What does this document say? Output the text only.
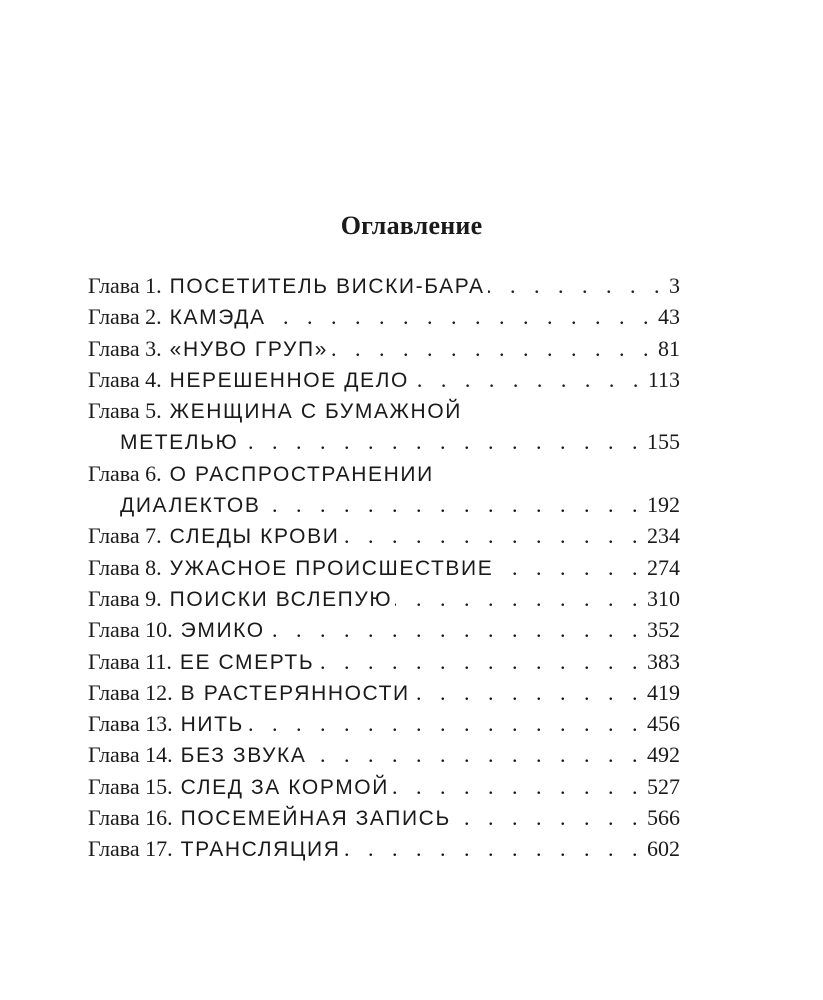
Оглавление
Глава 1. ПОСЕТИТЕЛЬ ВИСКИ-БАРА . . .	3
Глава 2. КАМЭДА . . .	43
Глава 3. «НУВО ГРУП» . . .	81
Глава 4. НЕРЕШЕННОЕ ДЕЛО . . .	113
Глава 5. ЖЕНЩИНА С БУМАЖНОЙ
МЕТЕЛЬЮ . . .	155
Глава 6. О РАСПРОСТРАНЕНИИ
ДИАЛЕКТОВ . . .	192
Глава 7. СЛЕДЫ КРОВИ . . .	234
Глава 8. УЖАСНОЕ ПРОИСШЕСТВИЕ . . .	274
Глава 9. ПОИСКИ ВСЛЕПУЮ . . .	310
Глава 10. ЭМИКО . . .	352
Глава 11. ЕЕ СМЕРТЬ . . .	383
Глава 12. В РАСТЕРЯННОСТИ . . .	419
Глава 13. НИТЬ . . .	456
Глава 14. БЕЗ ЗВУКА . . .	492
Глава 15. СЛЕД ЗА КОРМОЙ . . .	527
Глава 16. ПОСЕМЕЙНАЯ ЗАПИСЬ . . .	566
Глава 17. ТРАНСЛЯЦИЯ . . .	602
